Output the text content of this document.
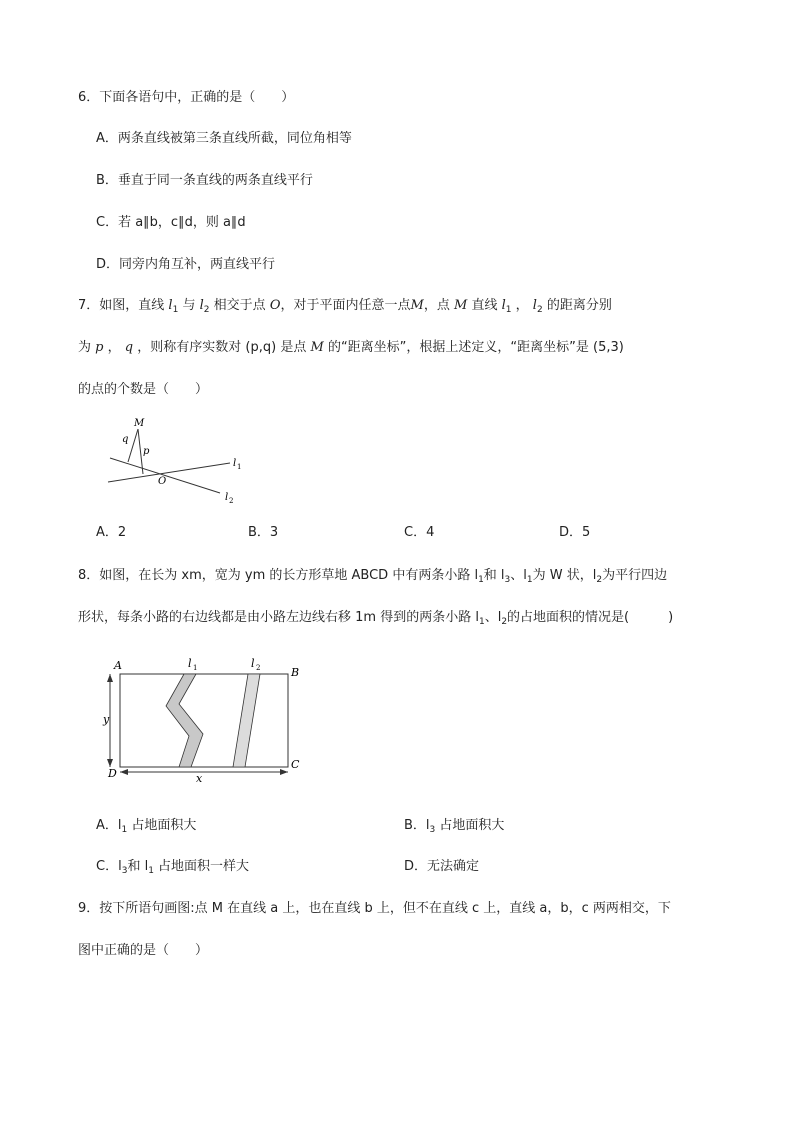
6．下面各语句中，正确的是（　　）
A．两条直线被第三条直线所截，同位角相等
B．垂直于同一条直线的两条直线平行
C．若 a∥b，c∥d，则 a∥d
D．同旁内角互补，两直线平行
7．如图，直线 $l_1$ 与 $l_2$ 相交于点 O，对于平面内任意一点M，点 M 直线 $l_1$ ， $l_2$ 的距离分别
为 p ， q ，则称有序实数对 (p,q) 是点 M 的“距离坐标”，根据上述定义，“距离坐标”是 (5,3)
的点的个数是（　　）
M
q
p
O
l 1
l 2
A．2	B．3	C．4	D．5
8．如图，在长为 xm，宽为 ym 的长方形草地 ABCD 中有两条小路 $l_1$和 $l_3$、$l_1$为 W 状，$l_2$为平行四边
形状，每条小路的右边线都是由小路左边线右移 1m 得到的两条小路 $l_1$、$l_2$的占地面积的情况是(　　　)
A
B
C
D
y
x
l 1	l 2
A．$l_1$ 占地面积大	B．$l_3$ 占地面积大
C．$l_3$和 $l_1$ 占地面积一样大	D．无法确定
9．按下所语句画图:点 M 在直线 a 上，也在直线 b 上，但不在直线 c 上，直线 a，b，c 两两相交，下
图中正确的是（　　）
